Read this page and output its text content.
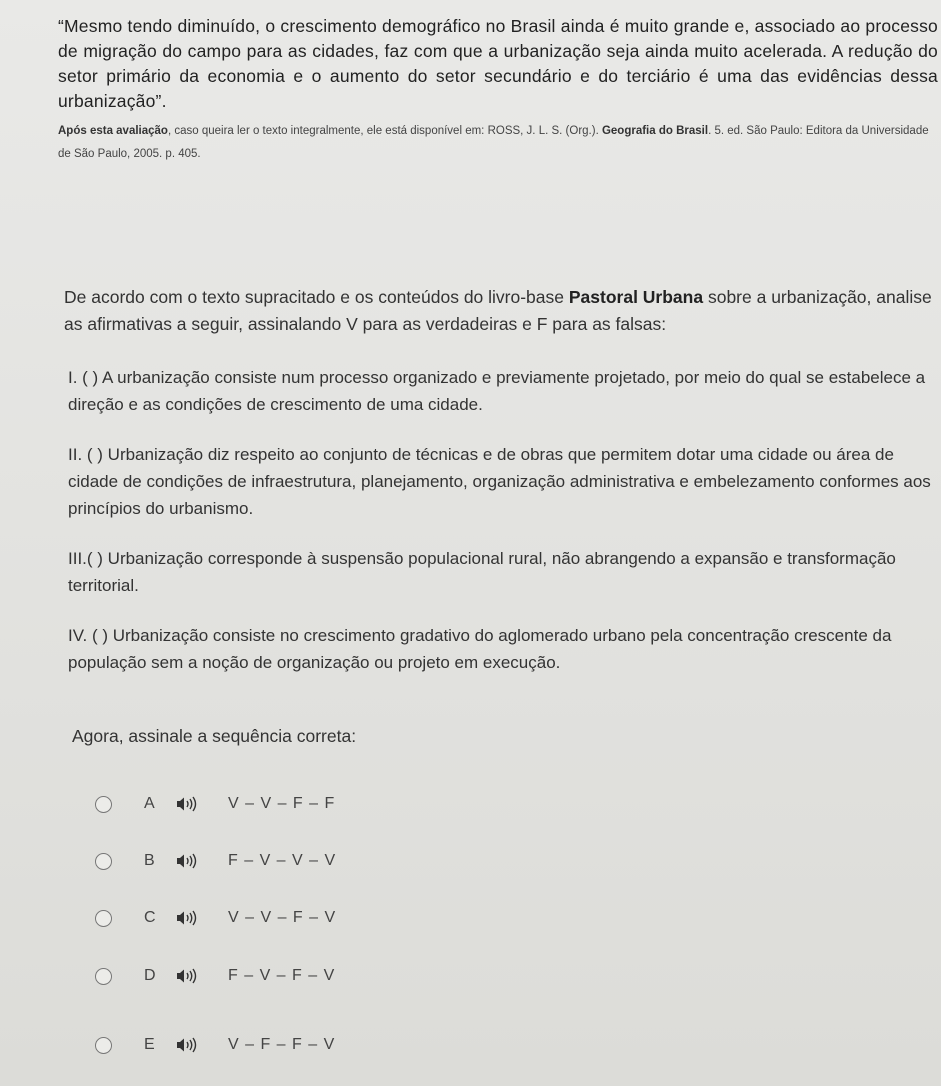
“Mesmo tendo diminuído, o crescimento demográfico no Brasil ainda é muito grande e, associado ao processo de migração do campo para as cidades, faz com que a urbanização seja ainda muito acelerada. A redução do setor primário da economia e o aumento do setor secundário e do terciário é uma das evidências dessa urbanização”.
Após esta avaliação, caso queira ler o texto integralmente, ele está disponível em: ROSS, J. L. S. (Org.). Geografia do Brasil. 5. ed. São Paulo: Editora da Universidade de São Paulo, 2005. p. 405.
De acordo com o texto supracitado e os conteúdos do livro-base Pastoral Urbana sobre a urbanização, analise as afirmativas a seguir, assinalando V para as verdadeiras e F para as falsas:
I. ( ) A urbanização consiste num processo organizado e previamente projetado, por meio do qual se estabelece a direção e as condições de crescimento de uma cidade.
II. ( ) Urbanização diz respeito ao conjunto de técnicas e de obras que permitem dotar uma cidade ou área de cidade de condições de infraestrutura, planejamento, organização administrativa e embelezamento conformes aos princípios do urbanismo.
III.( ) Urbanização corresponde à suspensão populacional rural, não abrangendo a expansão e transformação territorial.
IV. ( ) Urbanização consiste no crescimento gradativo do aglomerado urbano pela concentração crescente da população sem a noção de organização ou projeto em execução.
Agora, assinale a sequência correta:
A	V – V – F – F
B	F – V – V – V
C	V – V – F – V
D	F – V – F – V
E	V – F – F – V
